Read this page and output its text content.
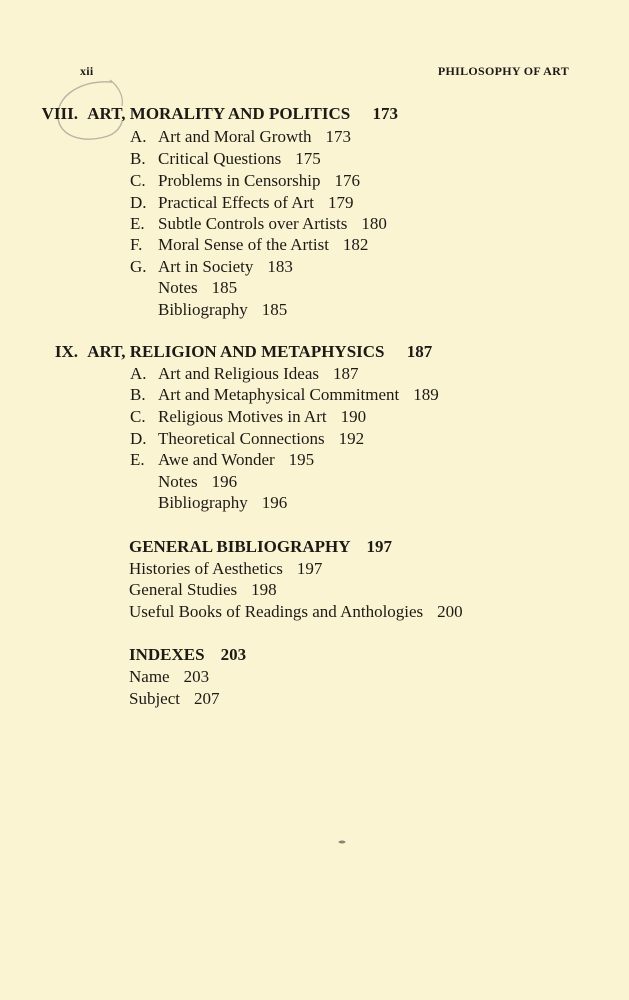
xii	PHILOSOPHY OF ART
VIII. ART, MORALITY AND POLITICS 173
A. Art and Moral Growth 173
B. Critical Questions 175
C. Problems in Censorship 176
D. Practical Effects of Art 179
E. Subtle Controls over Artists 180
F. Moral Sense of the Artist 182
G. Art in Society 183
Notes 185
Bibliography 185
IX. ART, RELIGION AND METAPHYSICS 187
A. Art and Religious Ideas 187
B. Art and Metaphysical Commitment 189
C. Religious Motives in Art 190
D. Theoretical Connections 192
E. Awe and Wonder 195
Notes 196
Bibliography 196
GENERAL BIBLIOGRAPHY 197
Histories of Aesthetics 197
General Studies 198
Useful Books of Readings and Anthologies 200
INDEXES 203
Name 203
Subject 207
